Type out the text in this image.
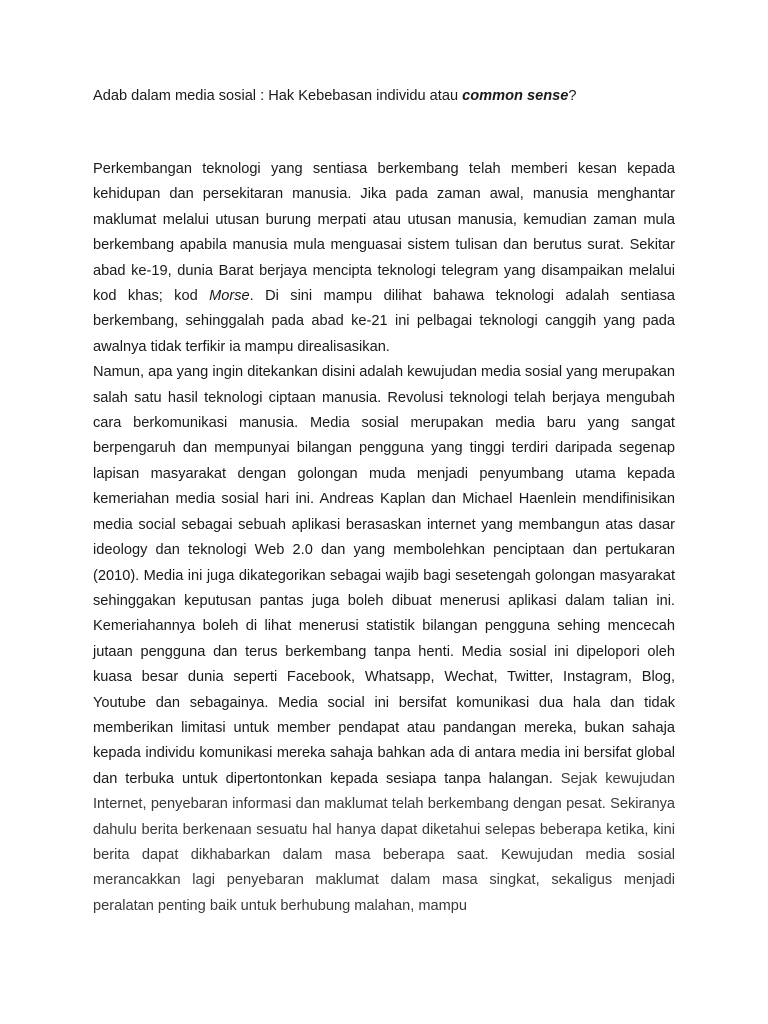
Adab dalam media sosial : Hak Kebebasan individu atau common sense?

Perkembangan teknologi yang sentiasa berkembang telah memberi kesan kepada kehidupan dan persekitaran manusia. Jika pada zaman awal, manusia menghantar maklumat melalui utusan burung merpati atau utusan manusia, kemudian zaman mula berkembang apabila manusia mula menguasai sistem tulisan dan berutus surat. Sekitar abad ke-19, dunia Barat berjaya mencipta teknologi telegram yang disampaikan melalui kod khas; kod Morse. Di sini mampu dilihat bahawa teknologi adalah sentiasa berkembang, sehinggalah pada abad ke-21 ini pelbagai teknologi canggih yang pada awalnya tidak terfikir ia mampu direalisasikan.

Namun, apa yang ingin ditekankan disini adalah kewujudan media sosial yang merupakan salah satu hasil teknologi ciptaan manusia. Revolusi teknologi telah berjaya mengubah cara berkomunikasi manusia. Media sosial merupakan media baru yang sangat berpengaruh dan mempunyai bilangan pengguna yang tinggi terdiri daripada segenap lapisan masyarakat dengan golongan muda menjadi penyumbang utama kepada kemeriahan media sosial hari ini. Andreas Kaplan dan Michael Haenlein mendifinisikan media social sebagai sebuah aplikasi berasaskan internet yang membangun atas dasar ideology dan teknologi Web 2.0 dan yang membolehkan penciptaan dan pertukaran (2010). Media ini juga dikategorikan sebagai wajib bagi sesetengah golongan masyarakat sehinggakan keputusan pantas juga boleh dibuat menerusi aplikasi dalam talian ini. Kemeriahannya boleh di lihat menerusi statistik bilangan pengguna sehing mencecah jutaan pengguna dan terus berkembang tanpa henti. Media sosial ini dipelopori oleh kuasa besar dunia seperti Facebook, Whatsapp, Wechat, Twitter, Instagram, Blog, Youtube dan sebagainya. Media social ini bersifat komunikasi dua hala dan tidak memberikan limitasi untuk member pendapat atau pandangan mereka, bukan sahaja kepada individu komunikasi mereka sahaja bahkan ada di antara media ini bersifat global dan terbuka untuk dipertontonkan kepada sesiapa tanpa halangan. Sejak kewujudan Internet, penyebaran informasi dan maklumat telah berkembang dengan pesat. Sekiranya dahulu berita berkenaan sesuatu hal hanya dapat diketahui selepas beberapa ketika, kini berita dapat dikhabarkan dalam masa beberapa saat. Kewujudan media sosial merancakkan lagi penyebaran maklumat dalam masa singkat, sekaligus menjadi peralatan penting baik untuk berhubung malahan, mampu
